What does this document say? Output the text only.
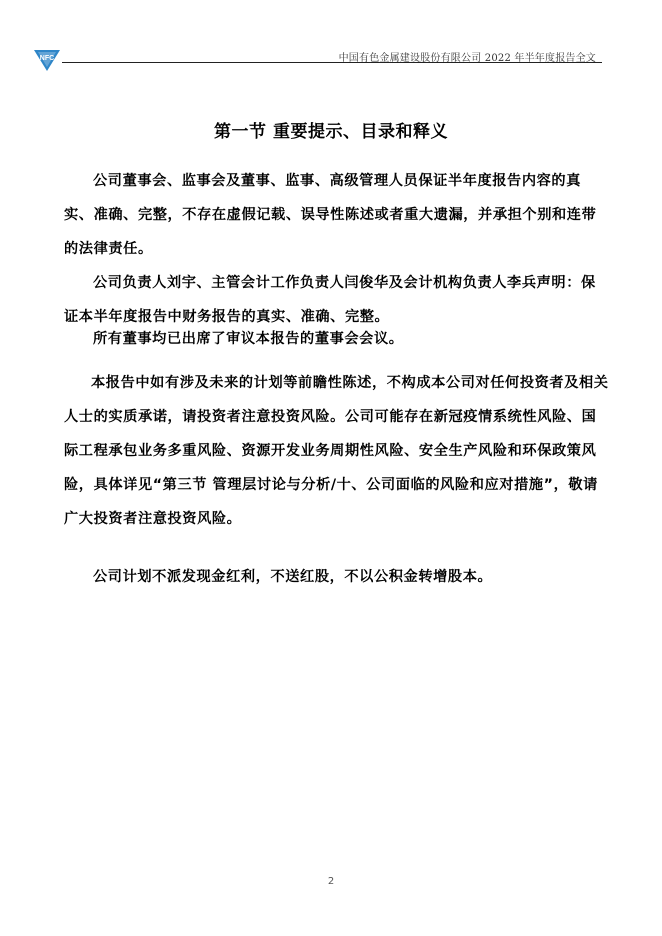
NFC	中国有色金属建设股份有限公司 2022 年半年度报告全文
第一节 重要提示、目录和释义
公司董事会、监事会及董事、监事、高级管理人员保证半年度报告内容的真实、准确、完整，不存在虚假记载、误导性陈述或者重大遗漏，并承担个别和连带的法律责任。
公司负责人刘宇、主管会计工作负责人闫俊华及会计机构负责人李兵声明：保证本半年度报告中财务报告的真实、准确、完整。
所有董事均已出席了审议本报告的董事会会议。
本报告中如有涉及未来的计划等前瞻性陈述，不构成本公司对任何投资者及相关人士的实质承诺，请投资者注意投资风险。公司可能存在新冠疫情系统性风险、国际工程承包业务多重风险、资源开发业务周期性风险、安全生产风险和环保政策风险，具体详见“第三节 管理层讨论与分析/十、公司面临的风险和应对措施”，敬请广大投资者注意投资风险。
公司计划不派发现金红利，不送红股，不以公积金转增股本。
2
